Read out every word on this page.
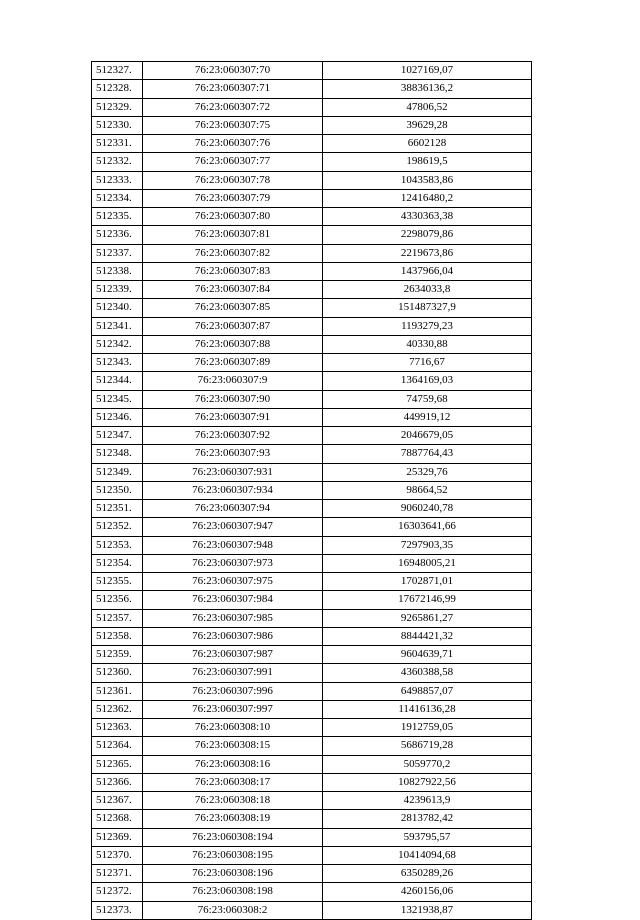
512327.	76:23:060307:70	1027169,07
512328.	76:23:060307:71	38836136,2
512329.	76:23:060307:72	47806,52
512330.	76:23:060307:75	39629,28
512331.	76:23:060307:76	6602128
512332.	76:23:060307:77	198619,5
512333.	76:23:060307:78	1043583,86
512334.	76:23:060307:79	12416480,2
512335.	76:23:060307:80	4330363,38
512336.	76:23:060307:81	2298079,86
512337.	76:23:060307:82	2219673,86
512338.	76:23:060307:83	1437966,04
512339.	76:23:060307:84	2634033,8
512340.	76:23:060307:85	151487327,9
512341.	76:23:060307:87	1193279,23
512342.	76:23:060307:88	40330,88
512343.	76:23:060307:89	7716,67
512344.	76:23:060307:9	1364169,03
512345.	76:23:060307:90	74759,68
512346.	76:23:060307:91	449919,12
512347.	76:23:060307:92	2046679,05
512348.	76:23:060307:93	7887764,43
512349.	76:23:060307:931	25329,76
512350.	76:23:060307:934	98664,52
512351.	76:23:060307:94	9060240,78
512352.	76:23:060307:947	16303641,66
512353.	76:23:060307:948	7297903,35
512354.	76:23:060307:973	16948005,21
512355.	76:23:060307:975	1702871,01
512356.	76:23:060307:984	17672146,99
512357.	76:23:060307:985	9265861,27
512358.	76:23:060307:986	8844421,32
512359.	76:23:060307:987	9604639,71
512360.	76:23:060307:991	4360388,58
512361.	76:23:060307:996	6498857,07
512362.	76:23:060307:997	11416136,28
512363.	76:23:060308:10	1912759,05
512364.	76:23:060308:15	5686719,28
512365.	76:23:060308:16	5059770,2
512366.	76:23:060308:17	10827922,56
512367.	76:23:060308:18	4239613,9
512368.	76:23:060308:19	2813782,42
512369.	76:23:060308:194	593795,57
512370.	76:23:060308:195	10414094,68
512371.	76:23:060308:196	6350289,26
512372.	76:23:060308:198	4260156,06
512373.	76:23:060308:2	1321938,87
